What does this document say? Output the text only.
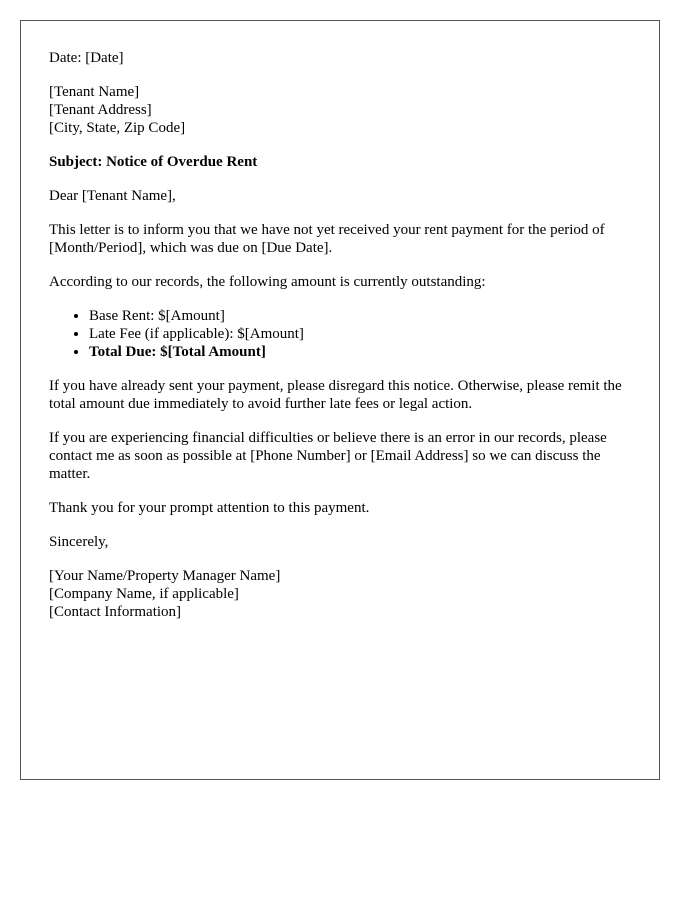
Date: [Date]

[Tenant Name]
[Tenant Address]
[City, State, Zip Code]

Subject: Notice of Overdue Rent

Dear [Tenant Name],

This letter is to inform you that we have not yet received your rent payment for the period of [Month/Period], which was due on [Due Date].

According to our records, the following amount is currently outstanding:

• Base Rent: $[Amount]
• Late Fee (if applicable): $[Amount]
• Total Due: $[Total Amount]

If you have already sent your payment, please disregard this notice. Otherwise, please remit the total amount due immediately to avoid further late fees or legal action.

If you are experiencing financial difficulties or believe there is an error in our records, please contact me as soon as possible at [Phone Number] or [Email Address] so we can discuss the matter.

Thank you for your prompt attention to this payment.

Sincerely,

[Your Name/Property Manager Name]
[Company Name, if applicable]
[Contact Information]
